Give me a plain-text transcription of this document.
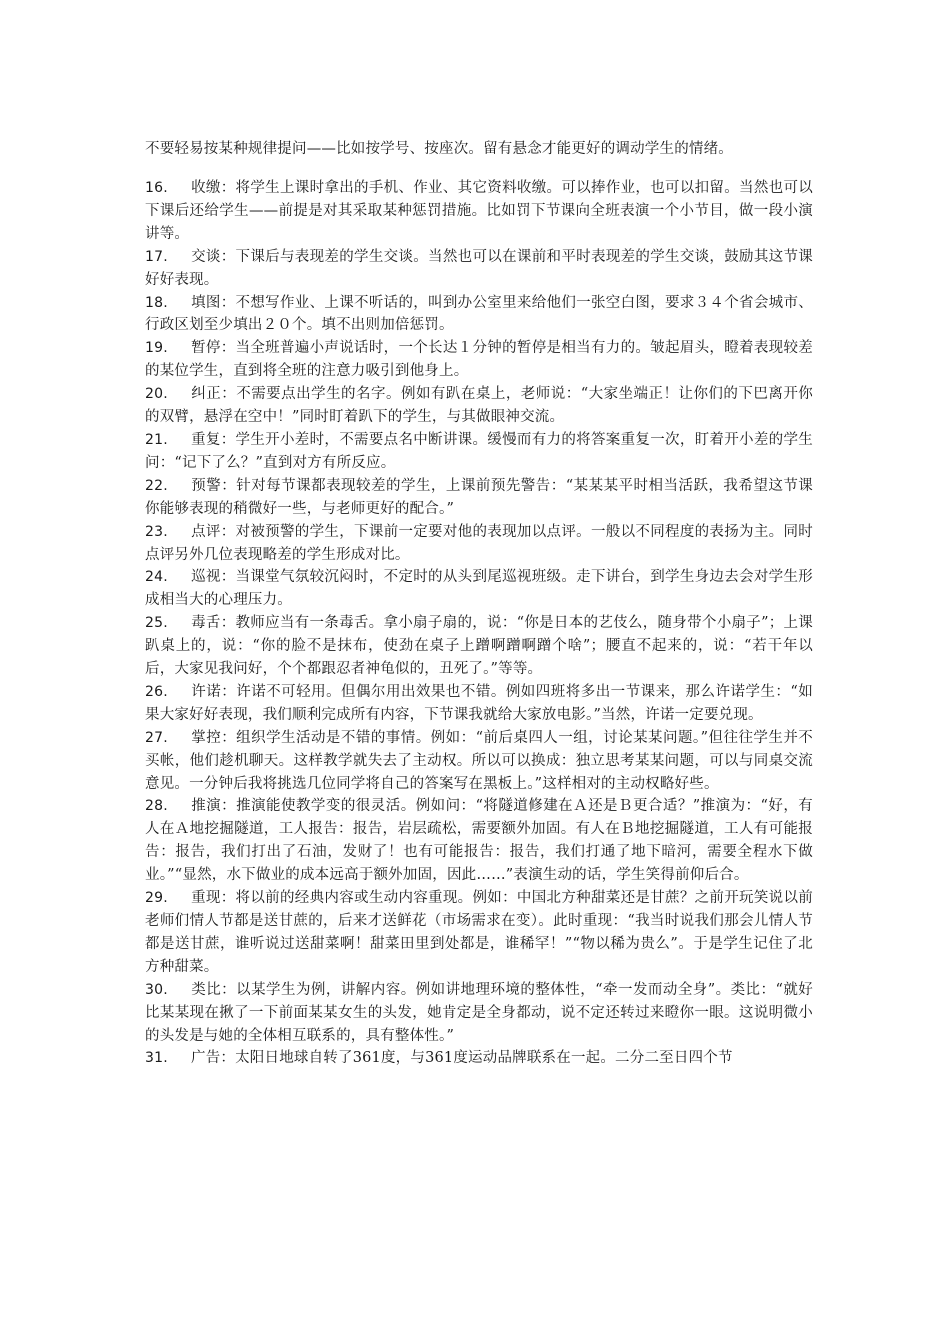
不要轻易按某种规律提问——比如按学号、按座次。留有悬念才能更好的调动学生的情绪。

16. 收缴：将学生上课时拿出的手机、作业、其它资料收缴。可以捧作业，也可以扣留。当然也可以下课后还给学生——前提是对其采取某种惩罚措施。比如罚下节课向全班表演一个小节目，做一段小演讲等。

17. 交谈：下课后与表现差的学生交谈。当然也可以在课前和平时表现差的学生交谈，鼓励其这节课好好表现。

18. 填图：不想写作业、上课不听话的，叫到办公室里来给他们一张空白图，要求３４个省会城市、行政区划至少填出２０个。填不出则加倍惩罚。

19. 暂停：当全班普遍小声说话时，一个长达１分钟的暂停是相当有力的。皱起眉头，瞪着表现较差的某位学生，直到将全班的注意力吸引到他身上。

20. 纠正：不需要点出学生的名字。例如有趴在桌上，老师说：“大家坐端正！让你们的下巴离开你的双臂，悬浮在空中！”同时盯着趴下的学生，与其做眼神交流。

21. 重复：学生开小差时，不需要点名中断讲课。缓慢而有力的将答案重复一次，盯着开小差的学生问：“记下了么？”直到对方有所反应。

22. 预警：针对每节课都表现较差的学生，上课前预先警告：“某某某平时相当活跃，我希望这节课你能够表现的稍微好一些，与老师更好的配合。”

23. 点评：对被预警的学生，下课前一定要对他的表现加以点评。一般以不同程度的表扬为主。同时点评另外几位表现略差的学生形成对比。

24. 巡视：当课堂气氛较沉闷时，不定时的从头到尾巡视班级。走下讲台，到学生身边去会对学生形成相当大的心理压力。

25. 毒舌：教师应当有一条毒舌。拿小扇子扇的，说：“你是日本的艺伎么，随身带个小扇子”；上课趴桌上的，说：“你的脸不是抹布，使劲在桌子上蹭啊蹭啊蹭个啥”；腰直不起来的，说：“若干年以后，大家见我问好，个个都跟忍者神龟似的，丑死了。”等等。

26. 许诺：许诺不可轻用。但偶尔用出效果也不错。例如四班将多出一节课来，那么许诺学生：“如果大家好好表现，我们顺利完成所有内容，下节课我就给大家放电影。”当然，许诺一定要兑现。

27. 掌控：组织学生活动是不错的事情。例如：“前后桌四人一组，讨论某某问题。”但往往学生并不买帐，他们趁机聊天。这样教学就失去了主动权。所以可以换成：独立思考某某问题，可以与同桌交流意见。一分钟后我将挑选几位同学将自己的答案写在黑板上。”这样相对的主动权略好些。

28. 推演：推演能使教学变的很灵活。例如问：“将隧道修建在Ａ还是Ｂ更合适？”推演为：“好，有人在Ａ地挖掘隧道，工人报告：报告，岩层疏松，需要额外加固。有人在Ｂ地挖掘隧道，工人有可能报告：报告，我们打出了石油，发财了！也有可能报告：报告，我们打通了地下暗河，需要全程水下做业。”“显然，水下做业的成本远高于额外加固，因此……”表演生动的话，学生笑得前仰后合。

29. 重现：将以前的经典内容或生动内容重现。例如：中国北方种甜菜还是甘蔗？之前开玩笑说以前老师们情人节都是送甘蔗的，后来才送鲜花（市场需求在变）。此时重现：“我当时说我们那会儿情人节都是送甘蔗，谁听说过送甜菜啊！甜菜田里到处都是，谁稀罕！”“物以稀为贵么”。于是学生记住了北方种甜菜。

30. 类比：以某学生为例，讲解内容。例如讲地理环境的整体性，“牵一发而动全身”。类比：“就好比某某现在揪了一下前面某某女生的头发，她肯定是全身都动，说不定还转过来瞪你一眼。这说明微小的头发是与她的全体相互联系的，具有整体性。”

31. 广告：太阳日地球自转了361度，与361度运动品牌联系在一起。二分二至日四个节
